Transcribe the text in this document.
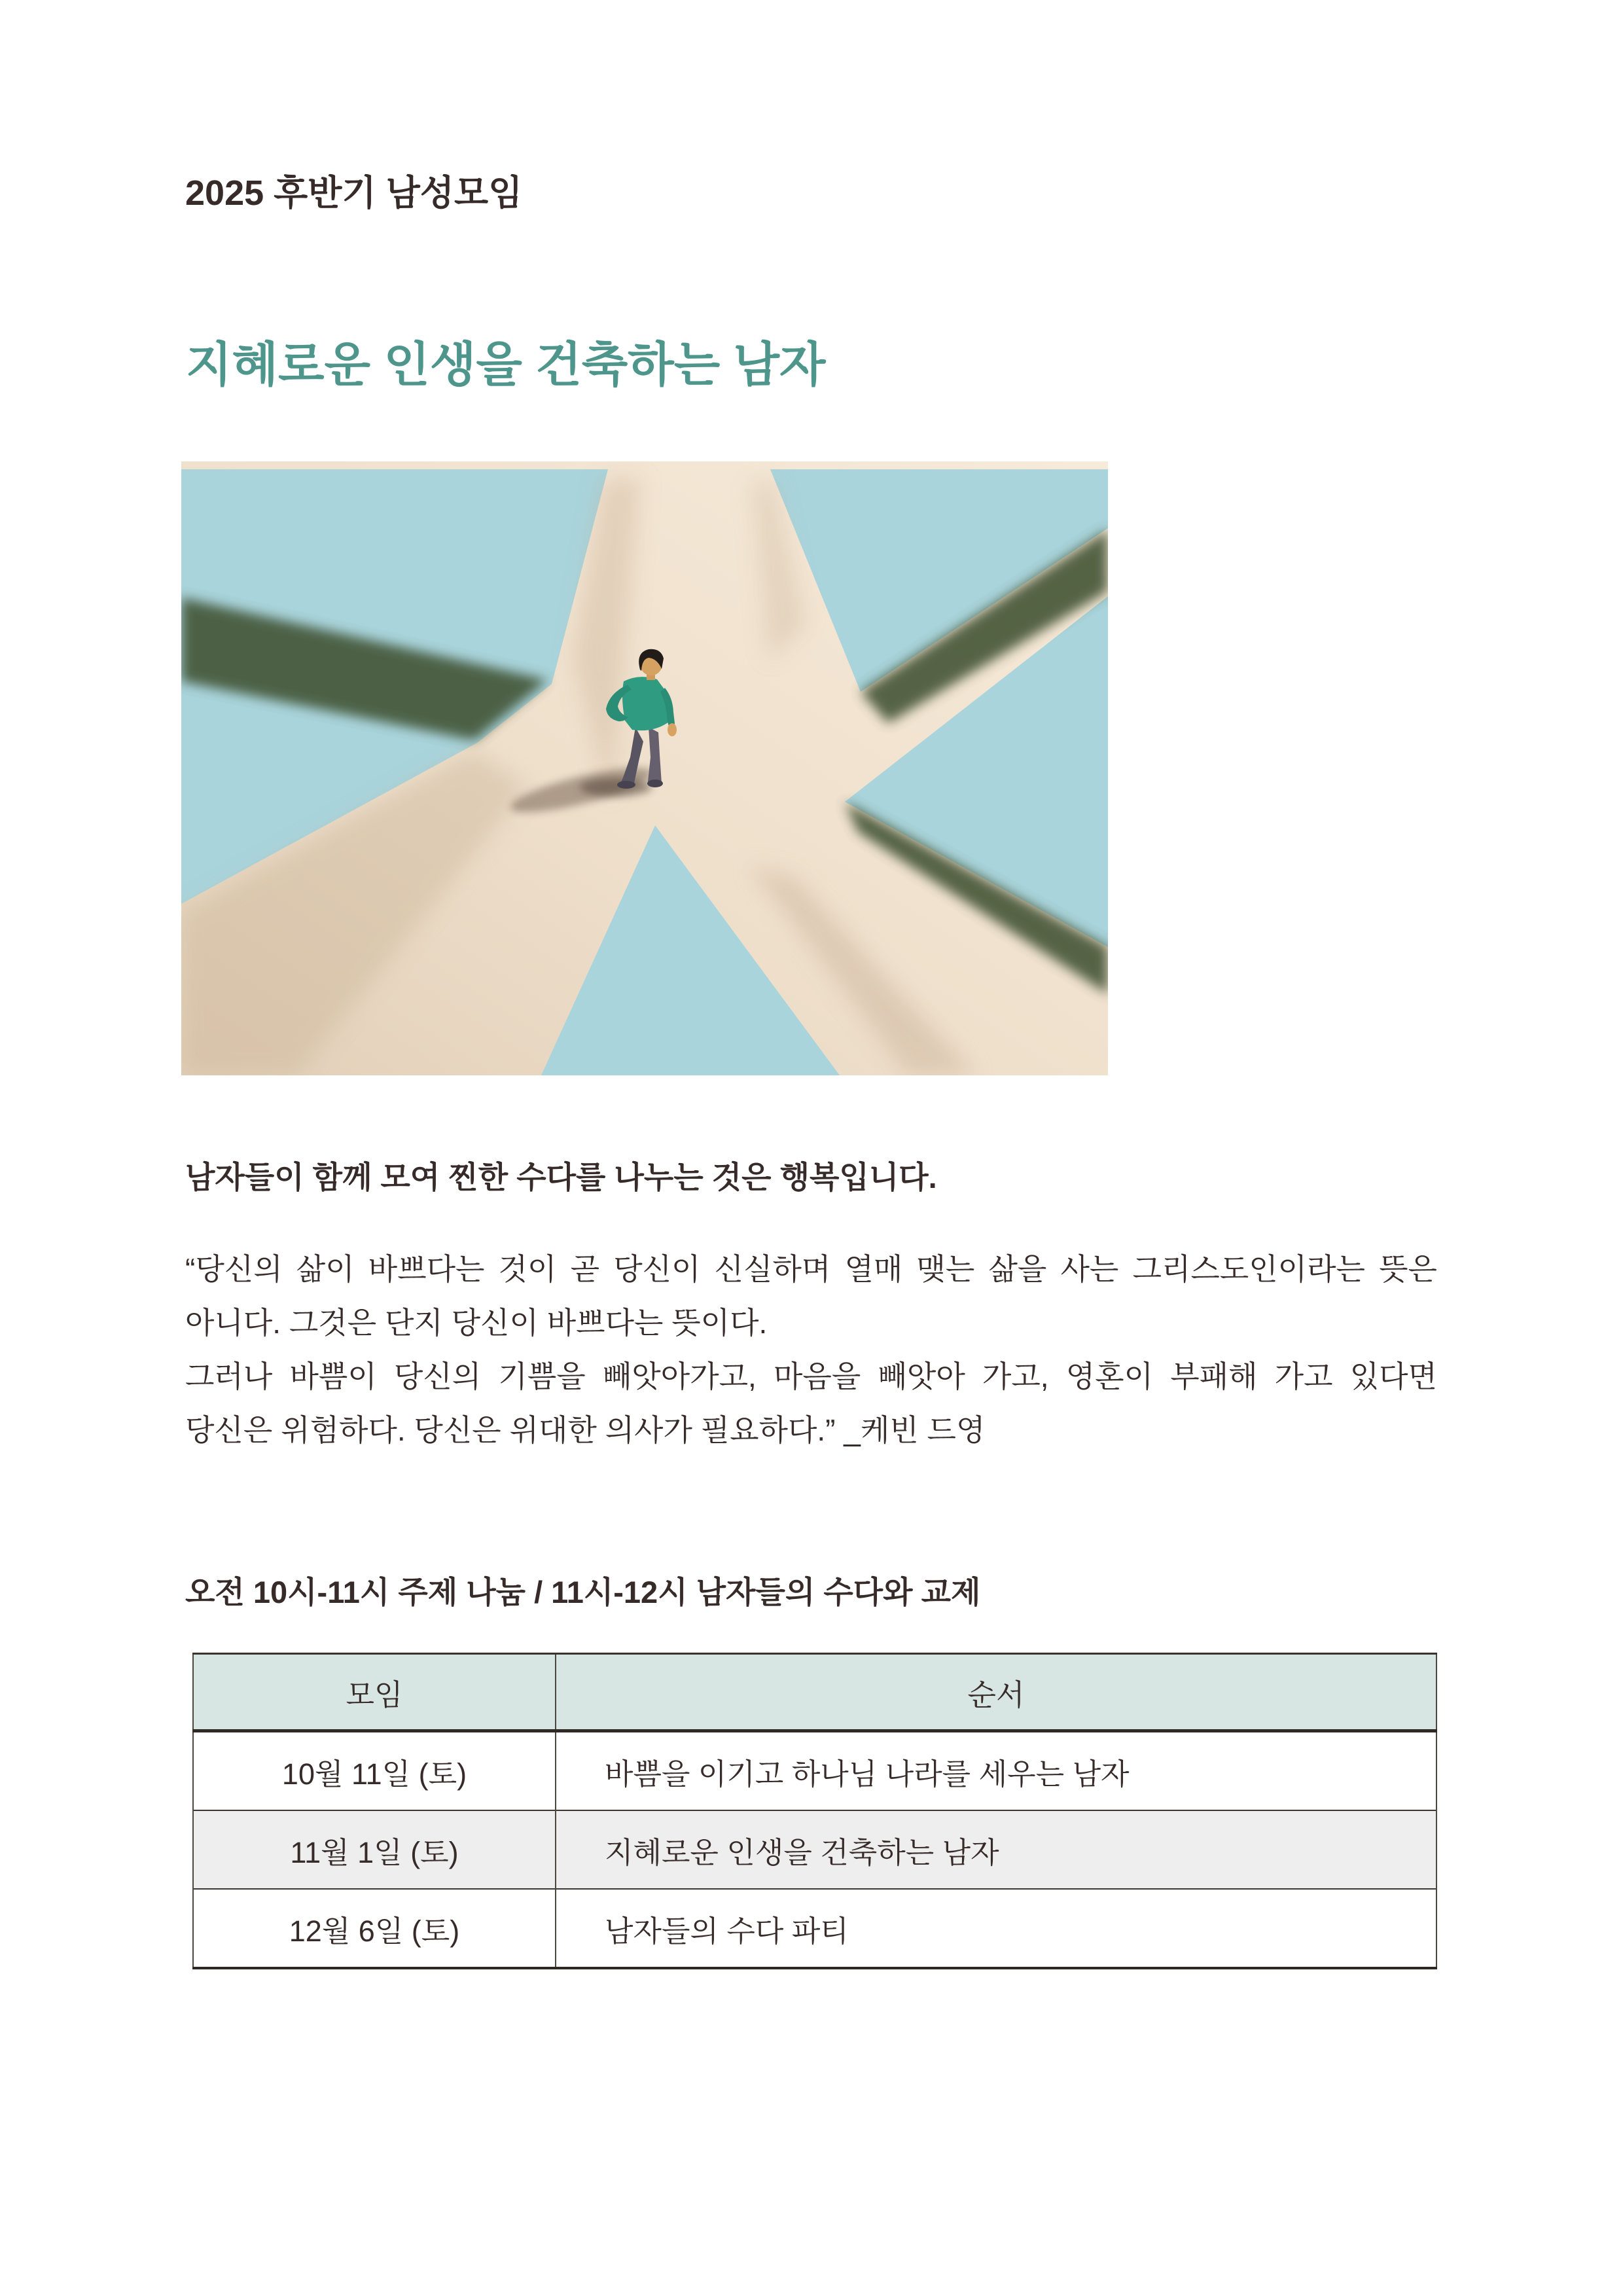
2025 후반기 남성모임
지혜로운 인생을 건축하는 남자
남자들이 함께 모여 찐한 수다를 나누는 것은 행복입니다.
“당신의 삶이 바쁘다는 것이 곧 당신이 신실하며 열매 맺는 삶을 사는 그리스도인이라는 뜻은
아니다. 그것은 단지 당신이 바쁘다는 뜻이다.
그러나 바쁨이 당신의 기쁨을 빼앗아가고, 마음을 빼앗아 가고, 영혼이 부패해 가고 있다면
당신은 위험하다. 당신은 위대한 의사가 필요하다.” _케빈 드영
오전 10시-11시 주제 나눔 / 11시-12시 남자들의 수다와 교제
모임	순서
10월 11일 (토)	바쁨을 이기고 하나님 나라를 세우는 남자
11월 1일 (토)	지혜로운 인생을 건축하는 남자
12월 6일 (토)	남자들의 수다 파티
